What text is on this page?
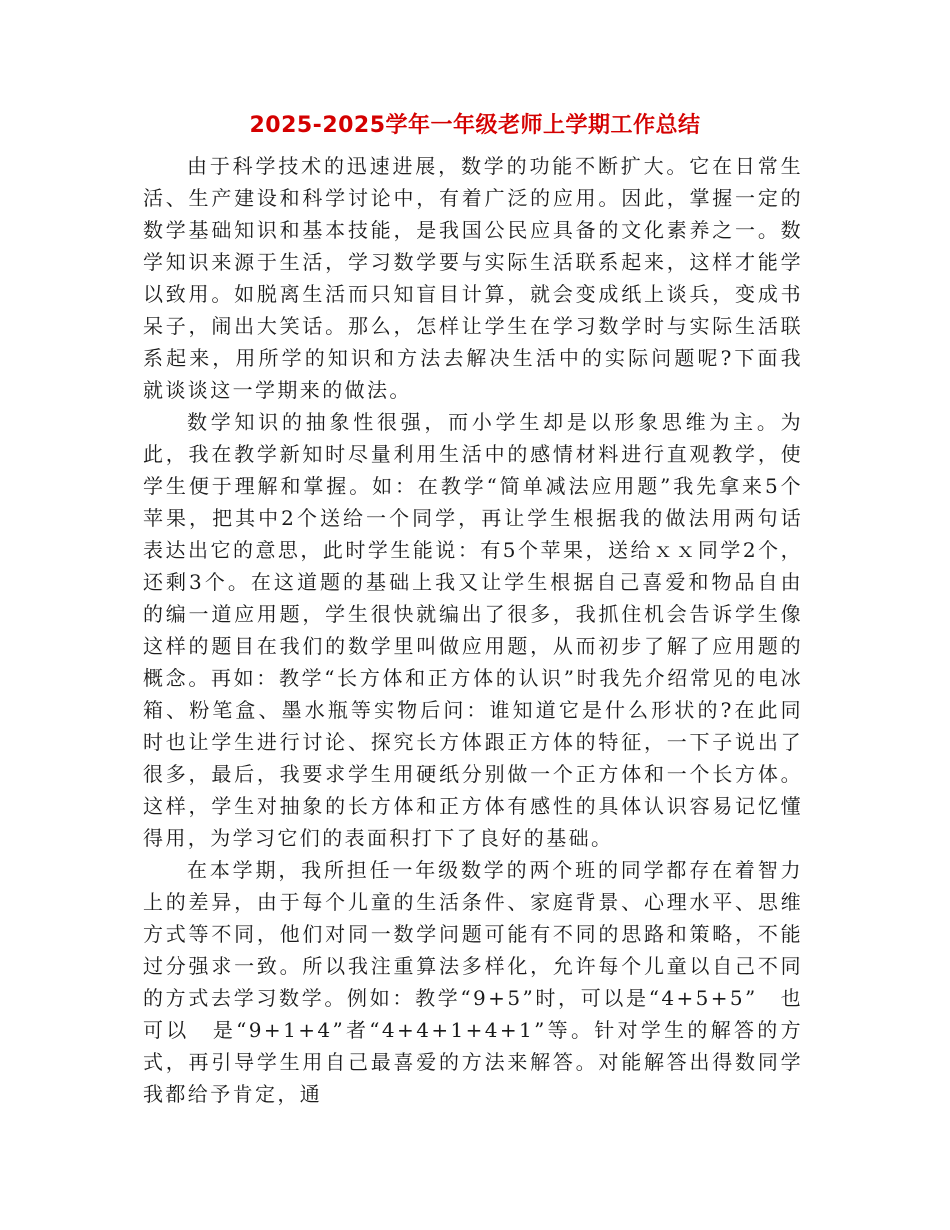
2025-2025学年一年级老师上学期工作总结

由于科学技术的迅速进展，数学的功能不断扩大。它在日常生活、生产建设和科学讨论中，有着广泛的应用。因此，掌握一定的数学基础知识和基本技能，是我国公民应具备的文化素养之一。数学知识来源于生活，学习数学要与实际生活联系起来，这样才能学以致用。如脱离生活而只知盲目计算，就会变成纸上谈兵，变成书呆子，闹出大笑话。那么，怎样让学生在学习数学时与实际生活联系起来，用所学的知识和方法去解决生活中的实际问题呢?下面我就谈谈这一学期来的做法。

数学知识的抽象性很强，而小学生却是以形象思维为主。为此，我在教学新知时尽量利用生活中的感情材料进行直观教学，使学生便于理解和掌握。如：在教学“简单减法应用题”我先拿来5个苹果，把其中2个送给一个同学，再让学生根据我的做法用两句话表达出它的意思，此时学生能说：有5个苹果，送给ｘｘ同学2个，还剩3个。在这道题的基础上我又让学生根据自己喜爱和物品自由的编一道应用题，学生很快就编出了很多，我抓住机会告诉学生像这样的题目在我们的数学里叫做应用题，从而初步了解了应用题的概念。再如：教学“长方体和正方体的认识”时我先介绍常见的电冰箱、粉笔盒、墨水瓶等实物后问：谁知道它是什么形状的?在此同时也让学生进行讨论、探究长方体跟正方体的特征，一下子说出了很多，最后，我要求学生用硬纸分别做一个正方体和一个长方体。这样，学生对抽象的长方体和正方体有感性的具体认识容易记忆懂得用，为学习它们的表面积打下了良好的基础。

在本学期，我所担任一年级数学的两个班的同学都存在着智力上的差异，由于每个儿童的生活条件、家庭背景、心理水平、思维方式等不同，他们对同一数学问题可能有不同的思路和策略，不能过分强求一致。所以我注重算法多样化，允许每个儿童以自己不同的方式去学习数学。例如：教学“9+5”时，可以是“4+5+5”　也可以　是“9+1+4”者“4+4+1+4+1”等。针对学生的解答的方式，再引导学生用自己最喜爱的方法来解答。对能解答出得数同学我都给予肯定，通
